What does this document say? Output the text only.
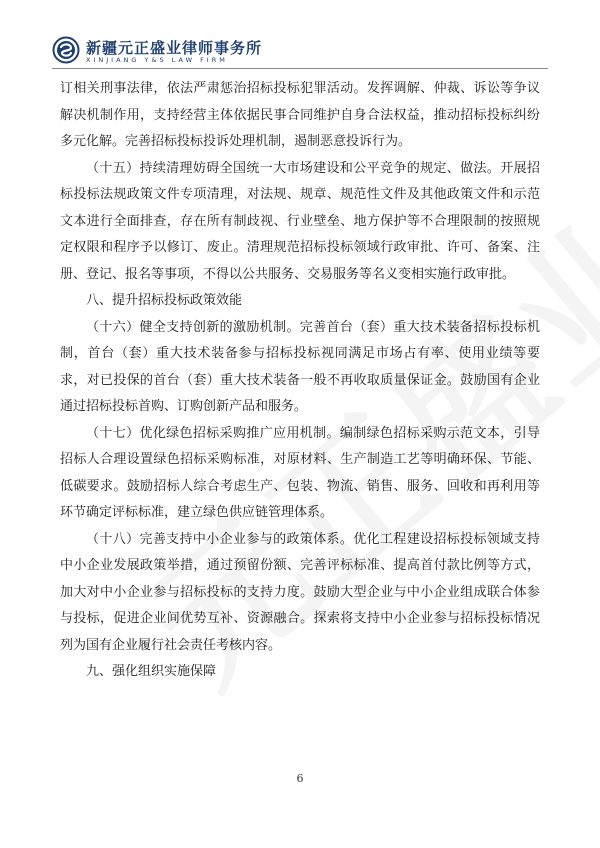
新疆元正盛业律师事务所
XINJIANG Y&S LAW FIRM

订相关刑事法律，依法严肃惩治招标投标犯罪活动。发挥调解、仲裁、诉讼等争议解决机制作用，支持经营主体依据民事合同维护自身合法权益，推动招标投标纠纷多元化解。完善招标投标投诉处理机制，遏制恶意投诉行为。

（十五）持续清理妨碍全国统一大市场建设和公平竞争的规定、做法。开展招标投标法规政策文件专项清理，对法规、规章、规范性文件及其他政策文件和示范文本进行全面排查，存在所有制歧视、行业壁垒、地方保护等不合理限制的按照规定权限和程序予以修订、废止。清理规范招标投标领域行政审批、许可、备案、注册、登记、报名等事项，不得以公共服务、交易服务等名义变相实施行政审批。

八、提升招标投标政策效能

（十六）健全支持创新的激励机制。完善首台（套）重大技术装备招标投标机制，首台（套）重大技术装备参与招标投标视同满足市场占有率、使用业绩等要求，对已投保的首台（套）重大技术装备一般不再收取质量保证金。鼓励国有企业通过招标投标首购、订购创新产品和服务。

（十七）优化绿色招标采购推广应用机制。编制绿色招标采购示范文本，引导招标人合理设置绿色招标采购标准，对原材料、生产制造工艺等明确环保、节能、低碳要求。鼓励招标人综合考虑生产、包装、物流、销售、服务、回收和再利用等环节确定评标标准，建立绿色供应链管理体系。

（十八）完善支持中小企业参与的政策体系。优化工程建设招标投标领域支持中小企业发展政策举措，通过预留份额、完善评标标准、提高首付款比例等方式，加大对中小企业参与招标投标的支持力度。鼓励大型企业与中小企业组成联合体参与投标，促进企业间优势互补、资源融合。探索将支持中小企业参与招标投标情况列为国有企业履行社会责任考核内容。

九、强化组织实施保障

6
